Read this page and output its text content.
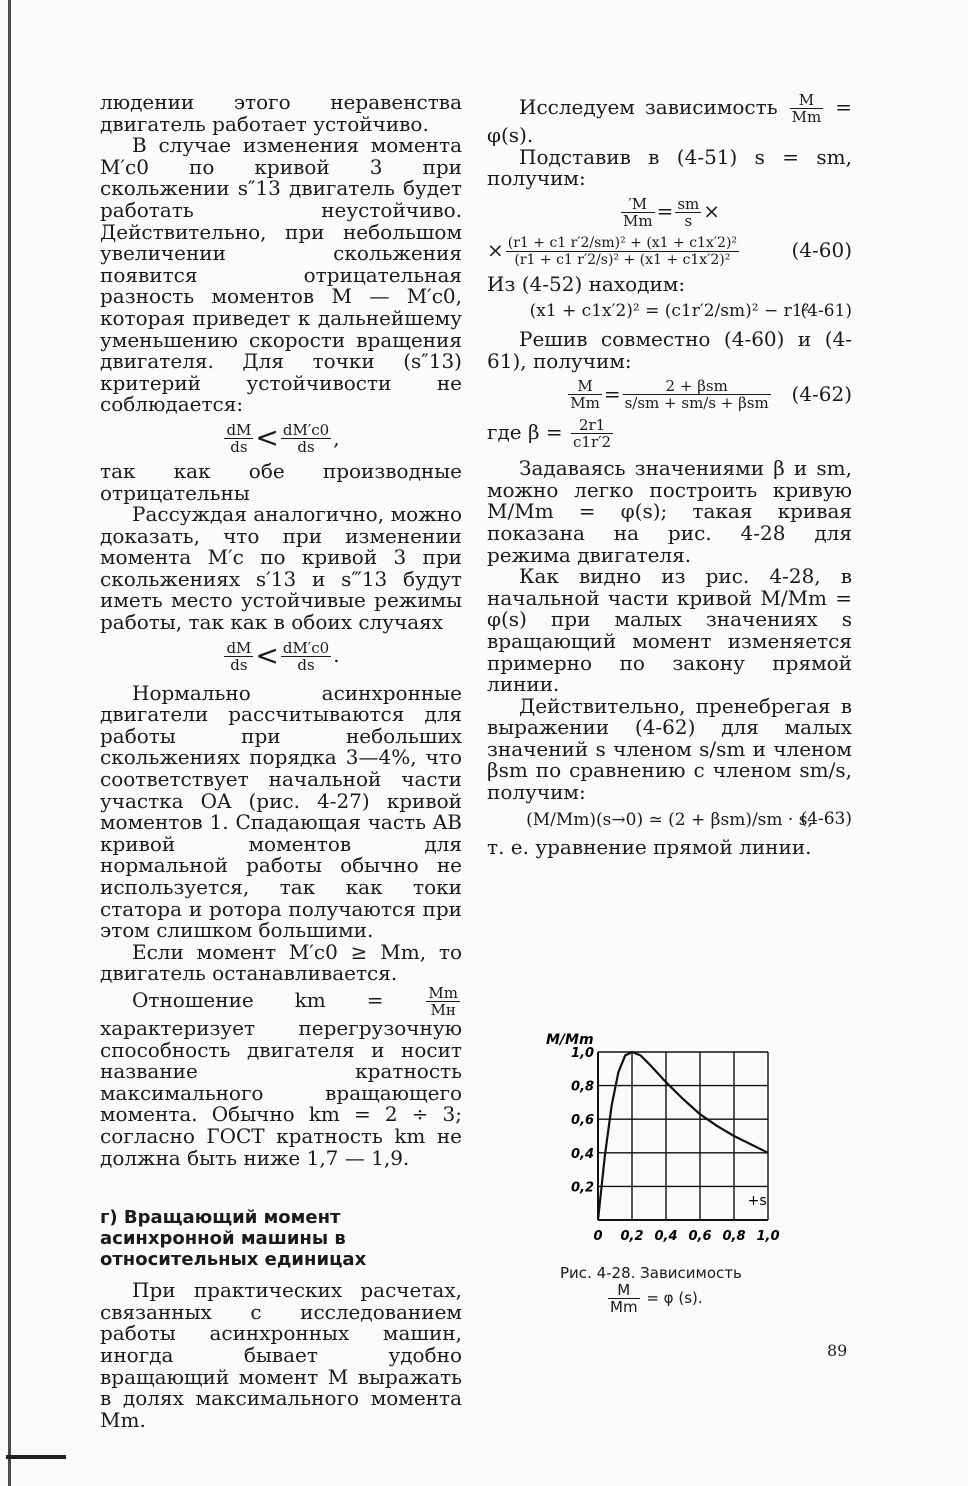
людении этого неравенства двигатель работает устойчиво.

В случае изменения момента M′с0 по кривой 3 при скольжении s″13 двигатель будет работать неустойчиво. Действительно, при небольшом увеличении скольжения появится отрицательная разность моментов M — M′с0, которая приведет к дальнейшему уменьшению скорости вращения двигателя. Для точки (s″13) критерий устойчивости не соблюдается:

$\frac{dM}{ds} < \frac{dM'с0}{ds}$ ,

так как обе производные отрицательны

Рассуждая аналогично, можно доказать, что при изменении момента M′с по кривой 3 при скольжениях s′13 и s‴13 будут иметь место устойчивые режимы работы, так как в обоих случаях

$\frac{dM}{ds} < \frac{dM'с0}{ds}$ .

Нормально асинхронные двигатели рассчитываются для работы при небольших скольжениях порядка 3—4%, что соответствует начальной части участка OA (рис. 4-27) кривой моментов 1. Спадающая часть AB кривой моментов для нормальной работы обычно не используется, так как токи статора и ротора получаются при этом слишком большими.

Если момент M′с0 ≥ Mm, то двигатель останавливается.

Отношение km =	$\frac{Mm}{Mн}$
характеризует перегрузочную способность двигателя и носит название кратность максимального вращающего момента. Обычно km = 2 ÷ 3; согласно ГОСТ кратность km не должна быть ниже 1,7 — 1,9.

г) Вращающий момент асинхронной машины в относительных единицах

При практических расчетах, связанных с исследованием работы асинхронных машин, иногда бывает удобно вращающий момент M выражать в долях максимального момента Mm.

Исследуем зависимость $\frac{M}{Mm} = \varphi(s)$.

Подставив в (4-51) s = sm, получим:

$\frac{'M}{Mm} = \frac{sm}{s}$ ×
× $\frac{\text{(r1 + c1 r′2/sm)² + (x1 + c1x′2)²}}{\text{(r1 + c1 r′2/s)² + (x1 + c1x′2)²}}$	(4-60)

Из (4-52) находим:

(x1 + c1x′2)² = (c1r′2/sm)² − r1²
(4-61)

Решив совместно (4-60) и (4-61), получим:

$\frac{M}{Mm} = \frac{\text{2 + βsm}}{\text{s/sm + sm/s + βsm}} (4-62)$

где $\beta = \frac{2r1}{c1r'2}$

Задаваясь значениями β и sm, можно легко построить кривую M/Mm = φ(s); такая кривая показана на рис. 4-28 для режима двигателя.

Как видно из рис. 4-28, в начальной части кривой M/Mm = φ(s) при малых значениях s вращающий момент изменяется примерно по закону прямой линии.

Действительно, пренебрегая в выражении (4-62) для малых значений s членом s/sm и членом βsm по сравнению с членом sm/s, получим:

(M/Mm)(s→0)
≃ (2 + βsm)/sm · s,
(4-63)

т. е. уравнение прямой линии.

0 0,2 0,4 0,6 0,8 1,0
0,2
0,4
0,6
0,8
1,0
M/Mm
+s
Рис. 4-28. Зависимость

$\frac{M}{Mm} = \varphi$ (s).
89
